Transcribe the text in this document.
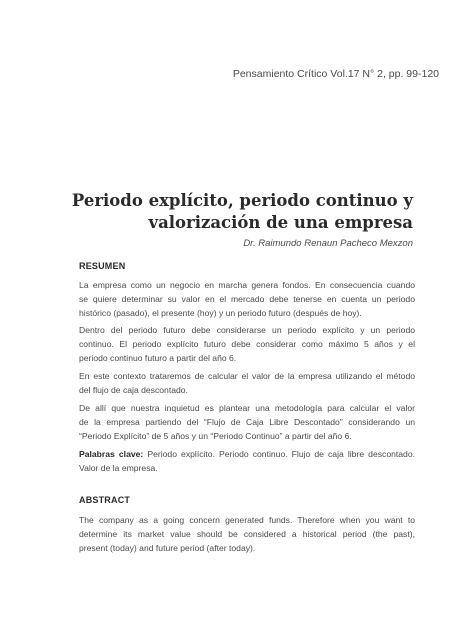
Pensamiento Crítico Vol.17 N° 2, pp. 99-120
Periodo explícito, periodo continuo y
valorización de una empresa
Dr. Raimundo Renaun Pacheco Mexzon
RESUMEN
La empresa como un negocio en marcha genera fondos. En consecuencia cuando
se quiere determinar su valor en el mercado debe tenerse en cuenta un periodo
histórico (pasado), el presente (hoy) y un periodo futuro (después de hoy).
Dentro del periodo futuro debe considerarse un periodo explícito y un periodo
continuo. El periodo explícito futuro debe considerar como máximo 5 años y el
periodo continuo futuro a partir del año 6.
En este contexto trataremos de calcular el valor de la empresa utilizando el método
del flujo de caja descontado.
De allí que nuestra inquietud es plantear una metodología para calcular el valor
de la empresa partiendo del “Flujo de Caja Libre Descontado” considerando un
“Periodo Explícito” de 5 años y un “Periodo Continuo” a partir del año 6.
Palabras clave: Periodo explícito. Periodo continuo. Flujo de caja libre descontado.
Valor de la empresa.
ABSTRACT
The company as a going concern generated funds. Therefore when you want to
determine its market value should be considered a historical period (the past),
present (today) and future period (after today).
